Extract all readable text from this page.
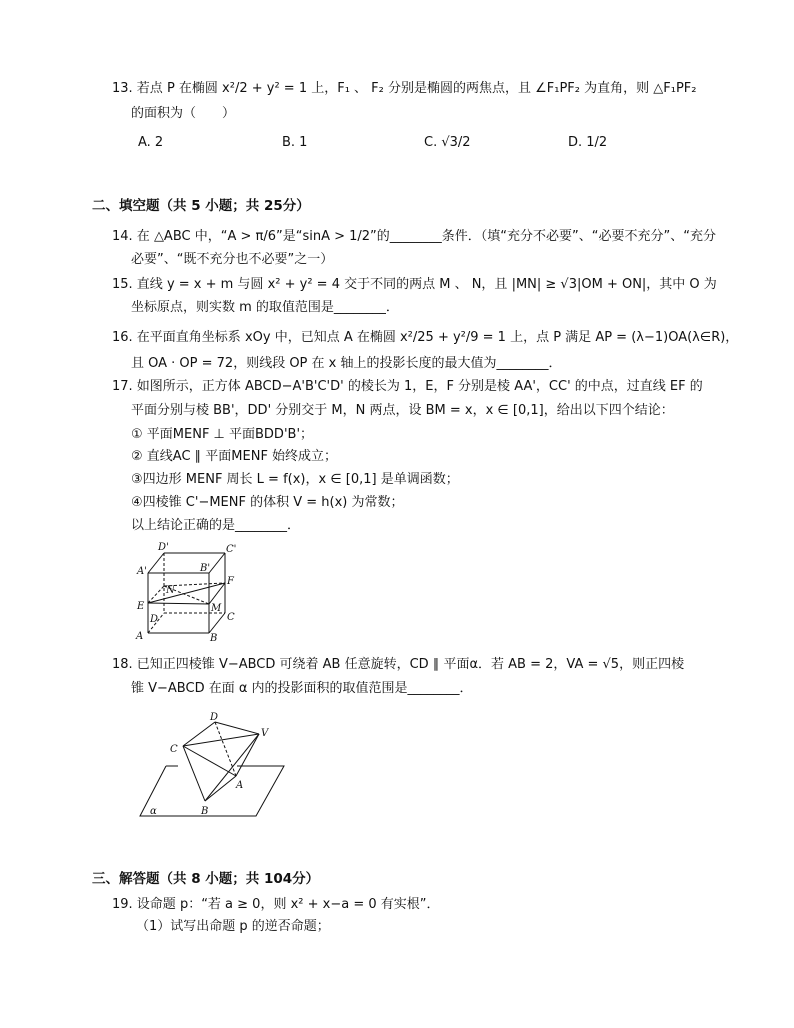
13. 若点 P 在椭圆 x²/2 + y² = 1 上，F₁ 、 F₂ 分别是椭圆的两焦点，且 ∠F₁PF₂ 为直角，则 △F₁PF₂
的面积为（　　）
A. 2	B. 1	C. √3/2	D. 1/2
二、填空题（共 5 小题；共 25分）
14. 在 △ABC 中，“A > π/6”是“sinA > 1/2”的________条件．（填“充分不必要”、“必要不充分”、“充分
必要”、“既不充分也不必要”之一）
15. 直线 y = x + m 与圆 x² + y² = 4 交于不同的两点 M 、 N，且 |MN| ≥ √3|OM + ON|，其中 O 为
坐标原点，则实数 m 的取值范围是________．
16. 在平面直角坐标系 xOy 中，已知点 A 在椭圆 x²/25 + y²/9 = 1 上，点 P 满足 AP = (λ−1)OA(λ∈R)，
且 OA · OP = 72，则线段 OP 在 x 轴上的投影长度的最大值为________．
17. 如图所示，正方体 ABCD−A'B'C'D' 的棱长为 1，E，F 分别是棱 AA'，CC' 的中点，过直线 EF 的
平面分别与棱 BB'，DD' 分别交于 M，N 两点，设 BM = x，x ∈ [0,1]，给出以下四个结论：
① 平面MENF ⊥ 平面BDD'B'；
② 直线AC ∥ 平面MENF 始终成立；
③四边形 MENF 周长 L = f(x)，x ∈ [0,1] 是单调函数；
④四棱锥 C'−MENF 的体积 V = h(x) 为常数；
以上结论正确的是________．
D'	C'
A'	B'
F
N
E	M
C
D
A	B
18. 已知正四棱锥 V−ABCD 可绕着 AB 任意旋转，CD ∥ 平面α．若 AB = 2，VA = √5，则正四棱
锥 V−ABCD 在面 α 内的投影面积的取值范围是________．
D
V
C
A
B
α
三、解答题（共 8 小题；共 104分）
19. 设命题 p：“若 a ≥ 0，则 x² + x−a = 0 有实根”．
（1）试写出命题 p 的逆否命题；
